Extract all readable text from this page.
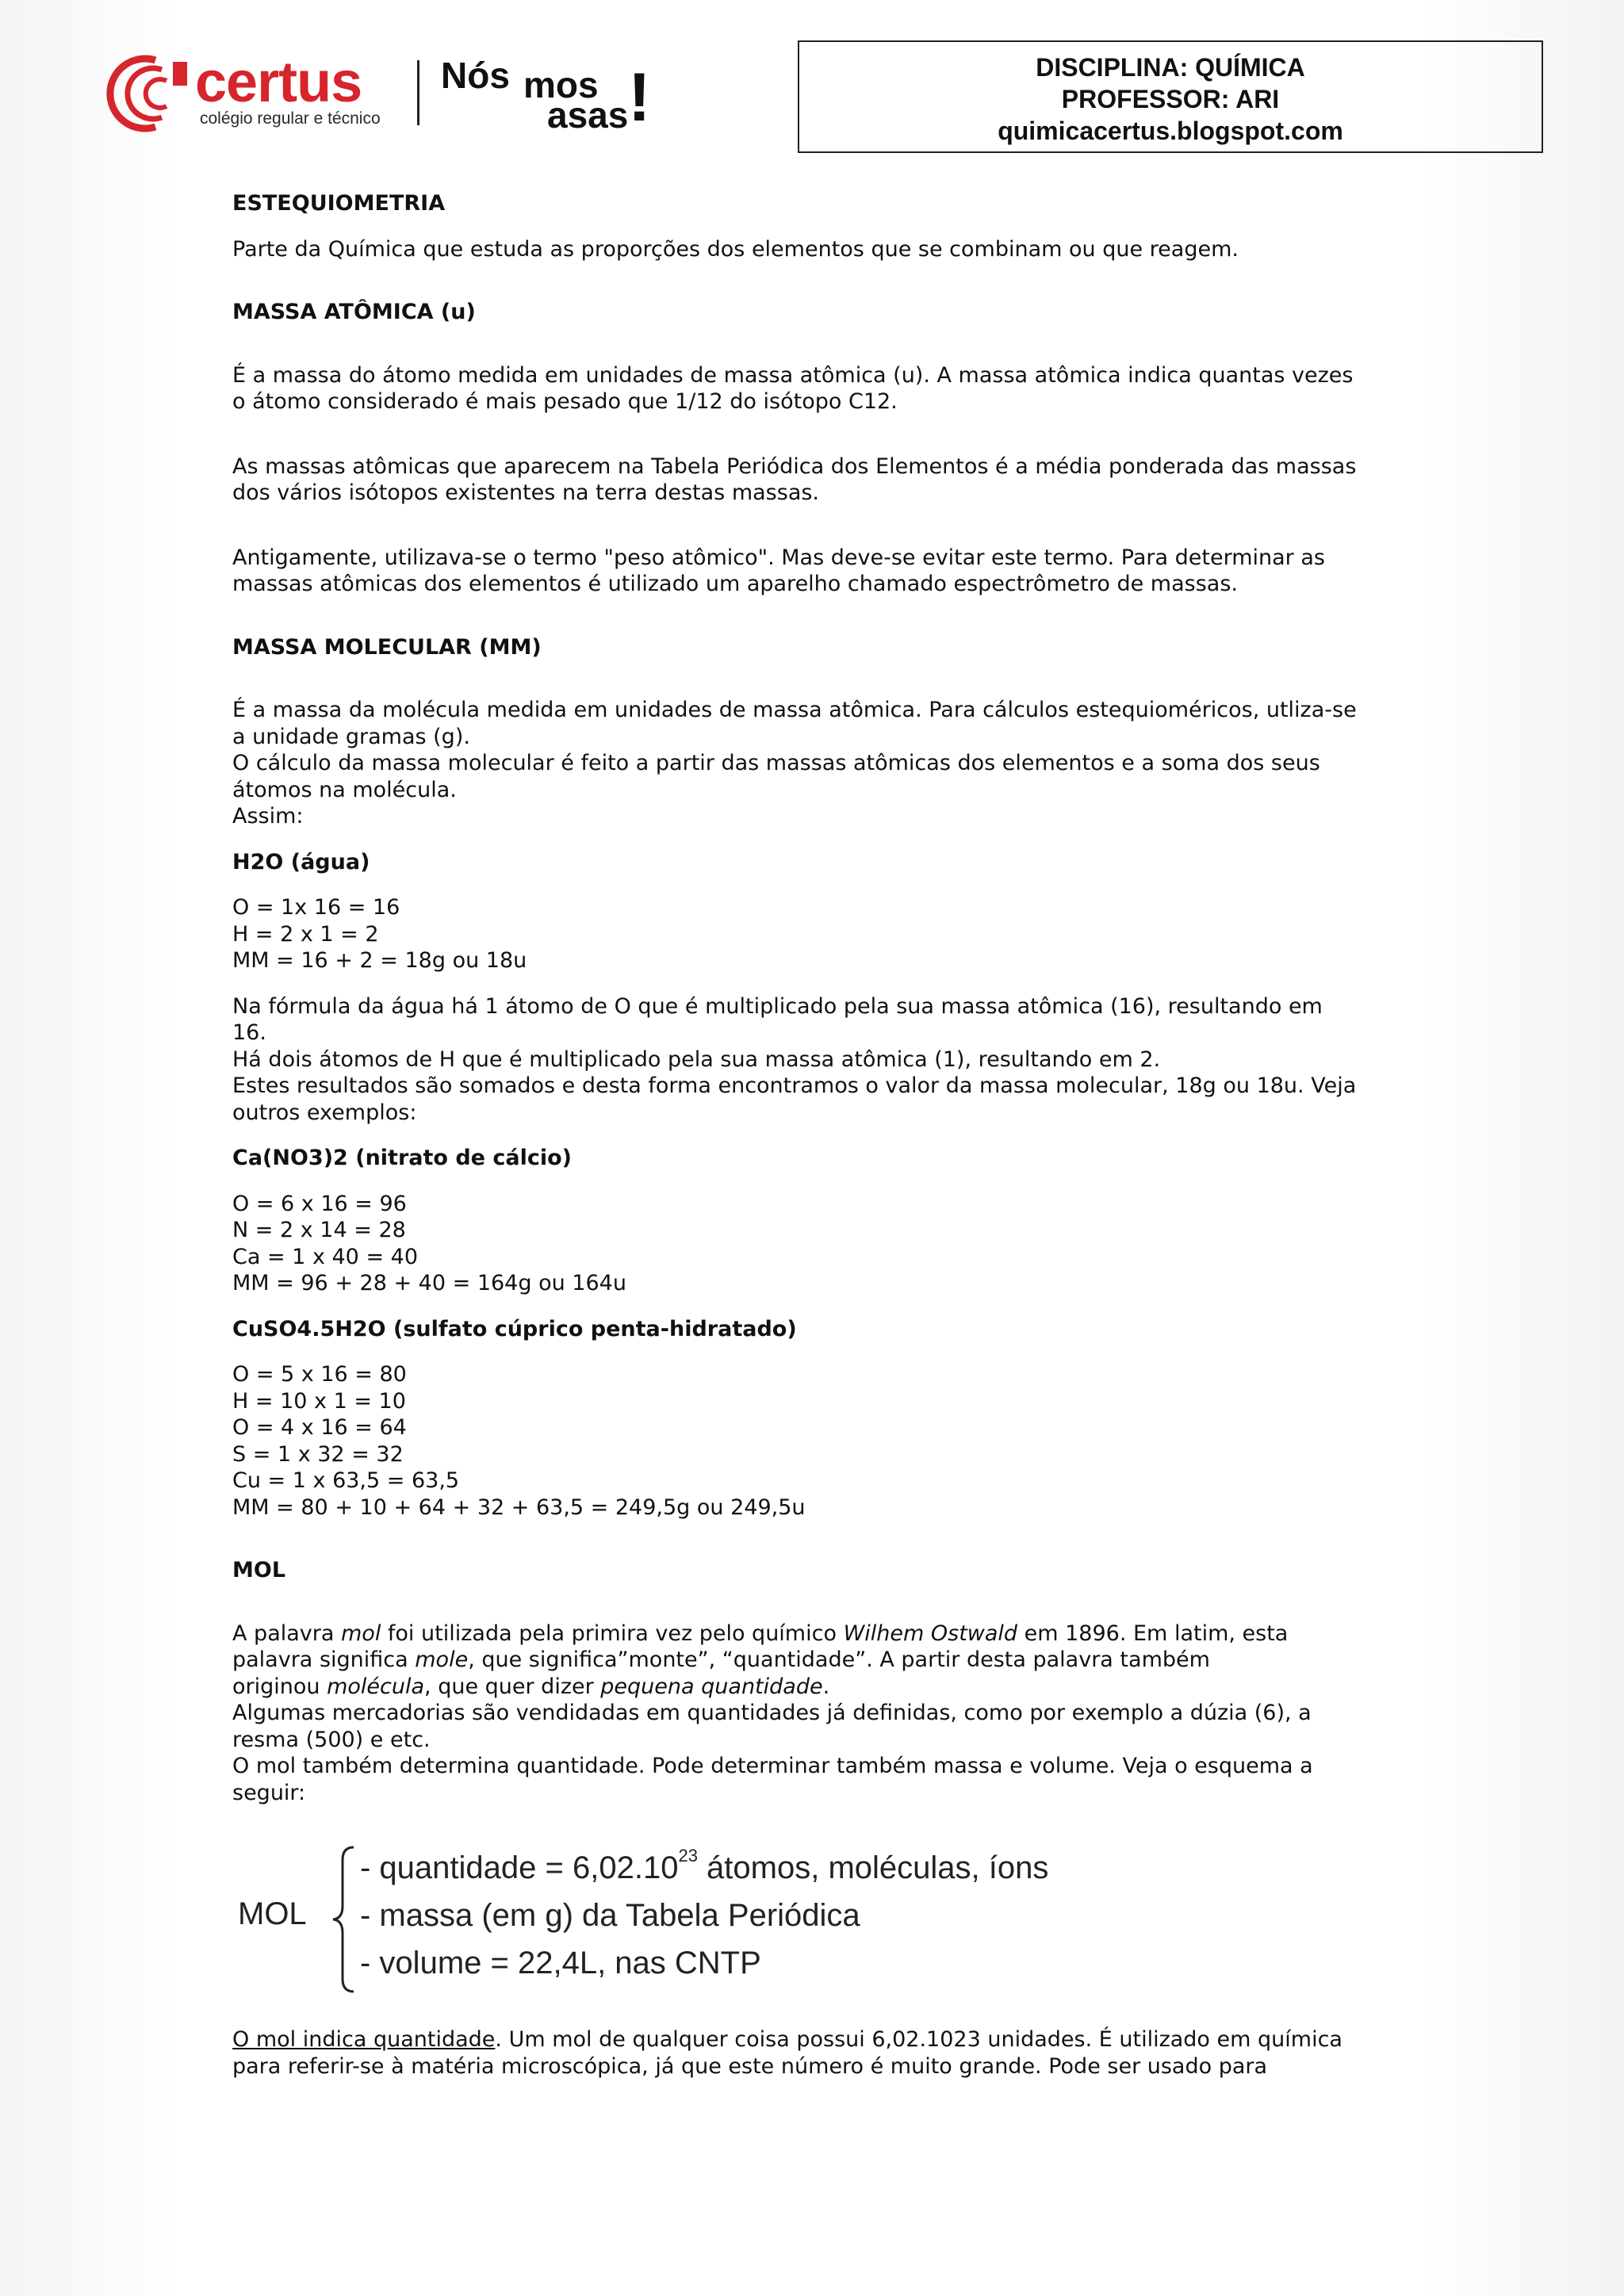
certus
colégio regular e técnico
Nós mos
asas !	DISCIPLINA: QUÍMICA
PROFESSOR: ARI
quimicacertus.blogspot.com

ESTEQUIOMETRIA

Parte da Química que estuda as proporções dos elementos que se combinam ou que reagem.

MASSA ATÔMICA (u)

É a massa do átomo medida em unidades de massa atômica (u). A massa atômica indica quantas vezes
o átomo considerado é mais pesado que 1/12 do isótopo C12.

As massas atômicas que aparecem na Tabela Periódica dos Elementos é a média ponderada das massas
dos vários isótopos existentes na terra destas massas.

Antigamente, utilizava-se o termo "peso atômico". Mas deve-se evitar este termo. Para determinar as
massas atômicas dos elementos é utilizado um aparelho chamado espectrômetro de massas.

MASSA MOLECULAR (MM)

É a massa da molécula medida em unidades de massa atômica. Para cálculos estequioméricos, utliza-se
a unidade gramas (g).
O cálculo da massa molecular é feito a partir das massas atômicas dos elementos e a soma dos seus
átomos na molécula.
Assim:

H2O (água)

O = 1x 16 = 16
H = 2 x 1 = 2
MM = 16 + 2 = 18g ou 18u

Na fórmula da água há 1 átomo de O que é multiplicado pela sua massa atômica (16), resultando em
16.
Há dois átomos de H que é multiplicado pela sua massa atômica (1), resultando em 2.
Estes resultados são somados e desta forma encontramos o valor da massa molecular, 18g ou 18u. Veja
outros exemplos:

Ca(NO3)2 (nitrato de cálcio)

O = 6 x 16 = 96
N = 2 x 14 = 28
Ca = 1 x 40 = 40
MM = 96 + 28 + 40 = 164g ou 164u

CuSO4.5H2O (sulfato cúprico penta-hidratado)

O = 5 x 16 = 80
H = 10 x 1 = 10
O = 4 x 16 = 64
S = 1 x 32 = 32
Cu = 1 x 63,5 = 63,5
MM = 80 + 10 + 64 + 32 + 63,5 = 249,5g ou 249,5u

MOL

A palavra mol foi utilizada pela primira vez pelo químico Wilhem Ostwald em 1896. Em latim, esta
palavra significa mole, que significa”monte”, “quantidade”. A partir desta palavra também
originou molécula, que quer dizer pequena quantidade.
Algumas mercadorias são vendidadas em quantidades já definidas, como por exemplo a dúzia (6), a
resma (500) e etc.
O mol também determina quantidade. Pode determinar também massa e volume. Veja o esquema a
seguir:

MOL
- quantidade = $6,02.10^{23}$ átomos, moléculas, íons
- massa (em g) da Tabela Periódica
- volume = 22,4L, nas CNTP
O mol indica quantidade. Um mol de qualquer coisa possui 6,02.1023 unidades. É utilizado em química
para referir-se à matéria microscópica, já que este número é muito grande. Pode ser usado para
